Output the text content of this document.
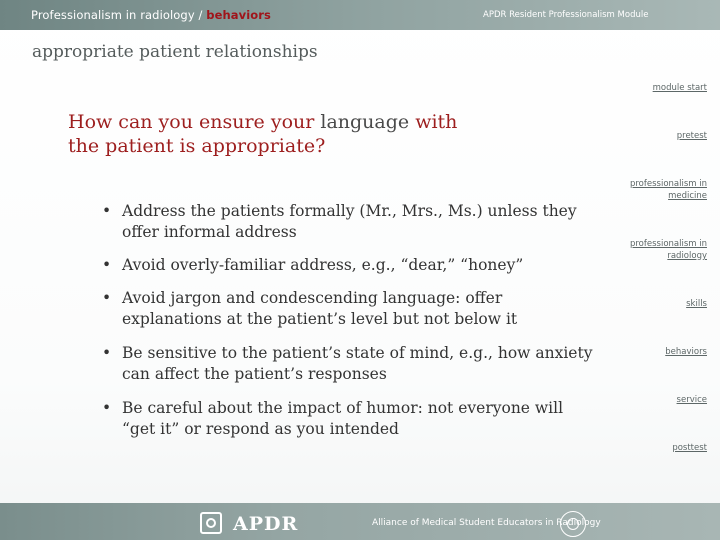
Professionalism in radiology / behaviors	APDR Resident Professionalism Module
appropriate patient relationships
How can you ensure your language with the patient is appropriate?
• Address the patients formally (Mr., Mrs., Ms.) unless they offer informal address
• Avoid overly-familiar address, e.g., “dear,” “honey”
• Avoid jargon and condescending language: offer explanations at the patient’s level but not below it
• Be sensitive to the patient’s state of mind, e.g., how anxiety can affect the patient’s responses
• Be careful about the impact of humor: not everyone will “get it” or respond as you intended
module start
pretest
professionalism in
medicine
professionalism in
radiology
skills
behaviors
service
posttest
APDR	Alliance of Medical Student Educators in Radiology
